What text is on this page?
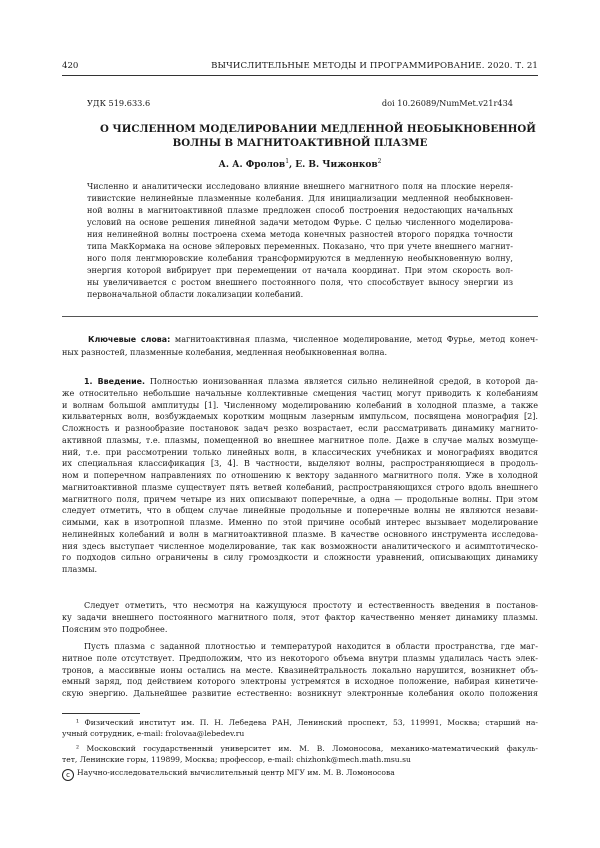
420	ВЫЧИСЛИТЕЛЬНЫЕ МЕТОДЫ И ПРОГРАММИРОВАНИЕ. 2020. Т. 21
УДК 519.633.6	doi 10.26089/NumMet.v21r434
О ЧИСЛЕННОМ МОДЕЛИРОВАНИИ МЕДЛЕННОЙ НЕОБЫКНОВЕННОЙ
ВОЛНЫ В МАГНИТОАКТИВНОЙ ПЛАЗМЕ
А. А. Фролов$^1$, Е. В. Чижонков$^2$
Численно и аналитически исследовано влияние внешнего магнитного поля на плоские нереля-
тивистские нелинейные плазменные колебания. Для инициализации медленной необыкновен-
ной волны в магнитоактивной плазме предложен способ построения недостающих начальных
условий на основе решения линейной задачи методом Фурье. С целью численного моделирова-
ния нелинейной волны построена схема метода конечных разностей второго порядка точности
типа МакКормака на основе эйлеровых переменных. Показано, что при учете внешнего магнит-
ного поля ленгмюровские колебания трансформируются в медленную необыкновенную волну,
энергия которой вибрирует при перемещении от начала координат. При этом скорость вол-
ны увеличивается с ростом внешнего постоянного поля, что способствует выносу энергии из
первоначальной области локализации колебаний.
Ключевые слова: магнитоактивная плазма, численное моделирование, метод Фурье, метод конеч-
ных разностей, плазменные колебания, медленная необыкновенная волна.
1. Введение. Полностью ионизованная плазма является сильно нелинейной средой, в которой да-
же относительно небольшие начальные коллективные смещения частиц могут приводить к колебаниям
и волнам большой амплитуды [1]. Численному моделированию колебаний в холодной плазме, а также
кильватерных волн, возбуждаемых коротким мощным лазерным импульсом, посвящена монография [2].
Сложность и разнообразие постановок задач резко возрастает, если рассматривать динамику магнито-
активной плазмы, т.е. плазмы, помещенной во внешнее магнитное поле. Даже в случае малых возмуще-
ний, т.е. при рассмотрении только линейных волн, в классических учебниках и монографиях вводится
их специальная классификация [3, 4]. В частности, выделяют волны, распространяющиеся в продоль-
ном и поперечном направлениях по отношению к вектору заданного магнитного поля. Уже в холодной
магнитоактивной плазме существует пять ветвей колебаний, распространяющихся строго вдоль внешнего
магнитного поля, причем четыре из них описывают поперечные, а одна — продольные волны. При этом
следует отметить, что в общем случае линейные продольные и поперечные волны не являются незави-
симыми, как в изотропной плазме. Именно по этой причине особый интерес вызывает моделирование
нелинейных колебаний и волн в магнитоактивной плазме. В качестве основного инструмента исследова-
ния здесь выступает численное моделирование, так как возможности аналитического и асимптотическо-
го подходов сильно ограничены в силу громоздкости и сложности уравнений, описывающих динамику
плазмы.
Следует отметить, что несмотря на кажущуюся простоту и естественность введения в постанов-
ку задачи внешнего постоянного магнитного поля, этот фактор качественно меняет динамику плазмы.
Поясним это подробнее.
Пусть плазма с заданной плотностью и температурой находится в области пространства, где маг-
нитное поле отсутствует. Предположим, что из некоторого объема внутри плазмы удалилась часть элек-
тронов, а массивные ионы остались на месте. Квазинейтральность локально нарушится, возникнет объ-
емный заряд, под действием которого электроны устремятся в исходное положение, набирая кинетиче-
скую энергию. Дальнейшее развитие естественно: возникнут электронные колебания около положения
¹ Физический институт им. П. Н. Лебедева РАН, Ленинский проспект, 53, 119991, Москва; старший на-
учный сотрудник, e-mail: frolovaa@lebedev.ru
² Московский государственный университет им. М. В. Ломоносова, механико-математический факуль-
тет, Ленинские горы, 119899, Москва; профессор, e-mail: chizhonk@mech.math.msu.su
c Научно-исследовательский вычислительный центр МГУ им. М. В. Ломоносова
